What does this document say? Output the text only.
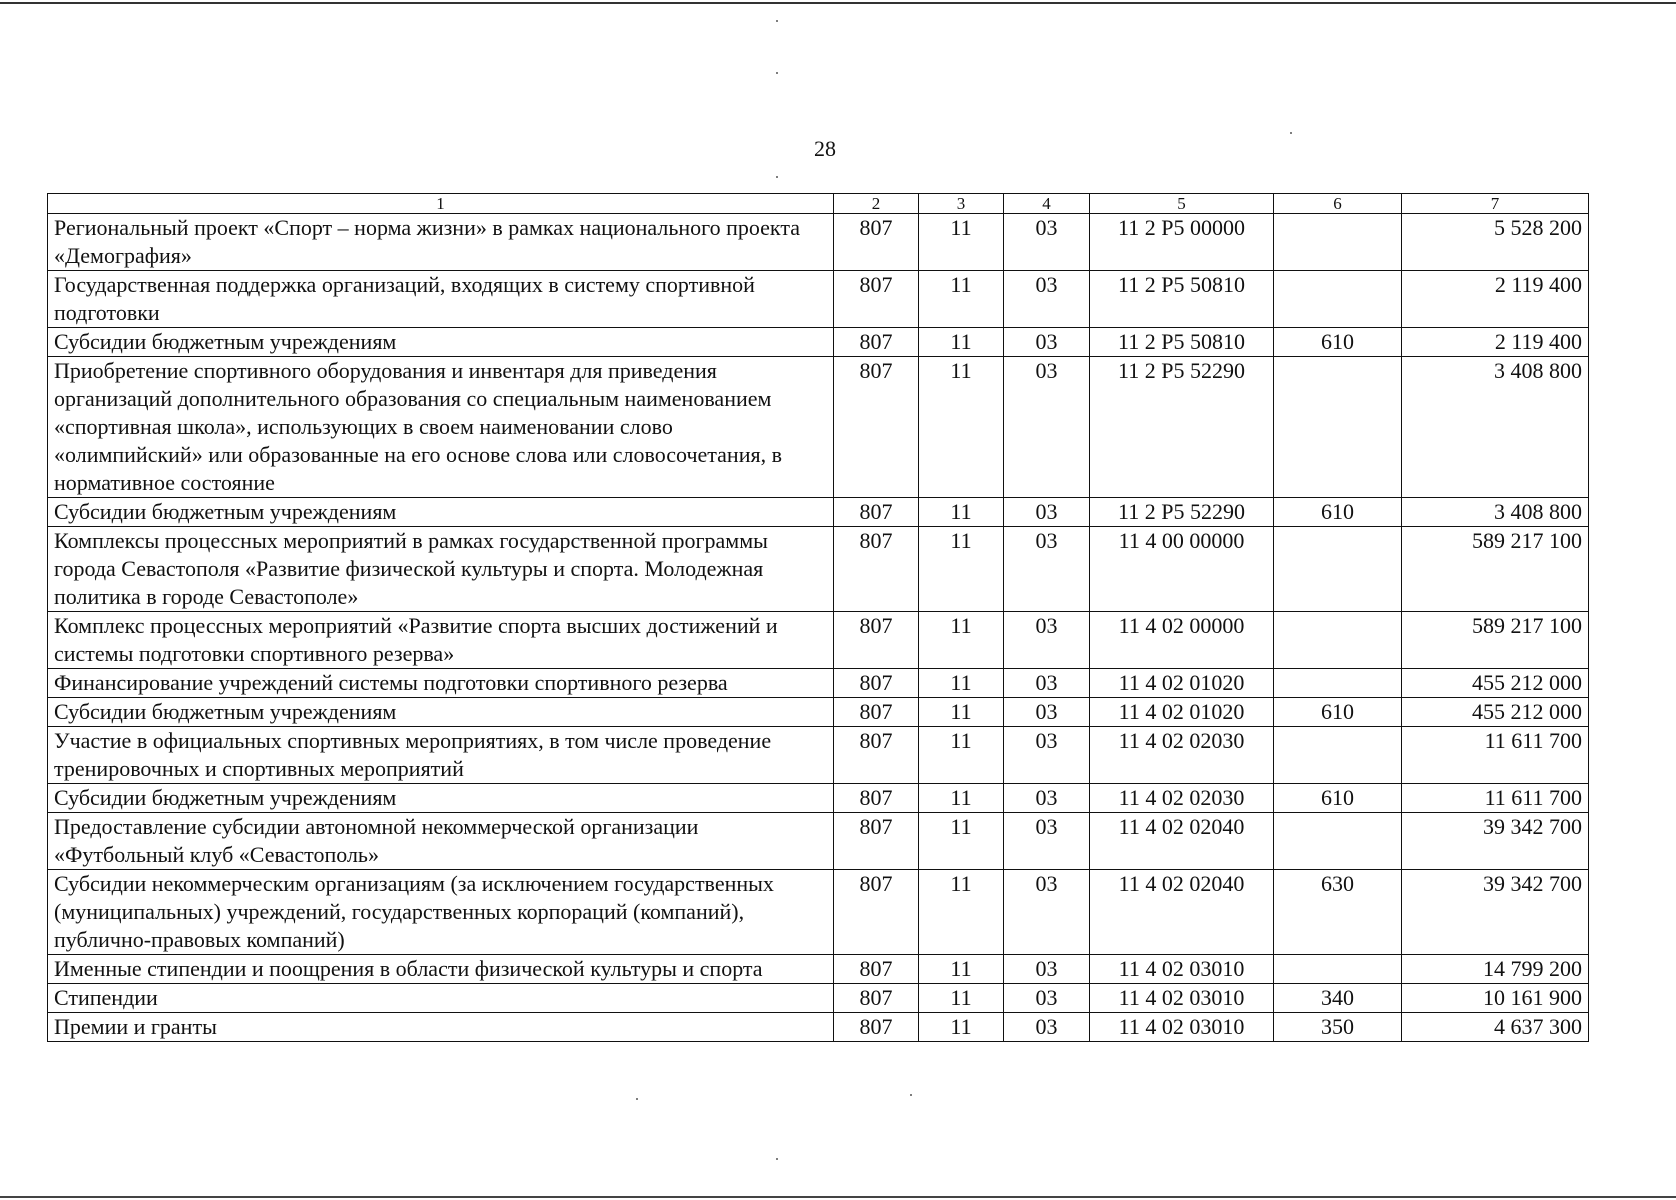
28
1	2	3	4	5	6	7
Региональный проект «Спорт – норма жизни» в рамках национального проекта «Демография»	807	11	03	11 2 P5 00000		5 528 200
Государственная поддержка организаций, входящих в систему спортивной подготовки	807	11	03	11 2 P5 50810		2 119 400
Субсидии бюджетным учреждениям	807	11	03	11 2 P5 50810	610	2 119 400
Приобретение спортивного оборудования и инвентаря для приведения организаций дополнительного образования со специальным наименованием «спортивная школа», использующих в своем наименовании слово «олимпийский» или образованные на его основе слова или словосочетания, в нормативное состояние	807	11	03	11 2 P5 52290		3 408 800
Субсидии бюджетным учреждениям	807	11	03	11 2 P5 52290	610	3 408 800
Комплексы процессных мероприятий в рамках государственной программы города Севастополя «Развитие физической культуры и спорта. Молодежная политика в городе Севастополе»	807	11	03	11 4 00 00000		589 217 100
Комплекс процессных мероприятий «Развитие спорта высших достижений и системы подготовки спортивного резерва»	807	11	03	11 4 02 00000		589 217 100
Финансирование учреждений системы подготовки спортивного резерва	807	11	03	11 4 02 01020		455 212 000
Субсидии бюджетным учреждениям	807	11	03	11 4 02 01020	610	455 212 000
Участие в официальных спортивных мероприятиях, в том числе проведение тренировочных и спортивных мероприятий	807	11	03	11 4 02 02030		11 611 700
Субсидии бюджетным учреждениям	807	11	03	11 4 02 02030	610	11 611 700
Предоставление субсидии автономной некоммерческой организации «Футбольный клуб «Севастополь»	807	11	03	11 4 02 02040		39 342 700
Субсидии некоммерческим организациям (за исключением государственных (муниципальных) учреждений, государственных корпораций (компаний), публично-правовых компаний)	807	11	03	11 4 02 02040	630	39 342 700
Именные стипендии и поощрения в области физической культуры и спорта	807	11	03	11 4 02 03010		14 799 200
Стипендии	807	11	03	11 4 02 03010	340	10 161 900
Премии и гранты	807	11	03	11 4 02 03010	350	4 637 300
